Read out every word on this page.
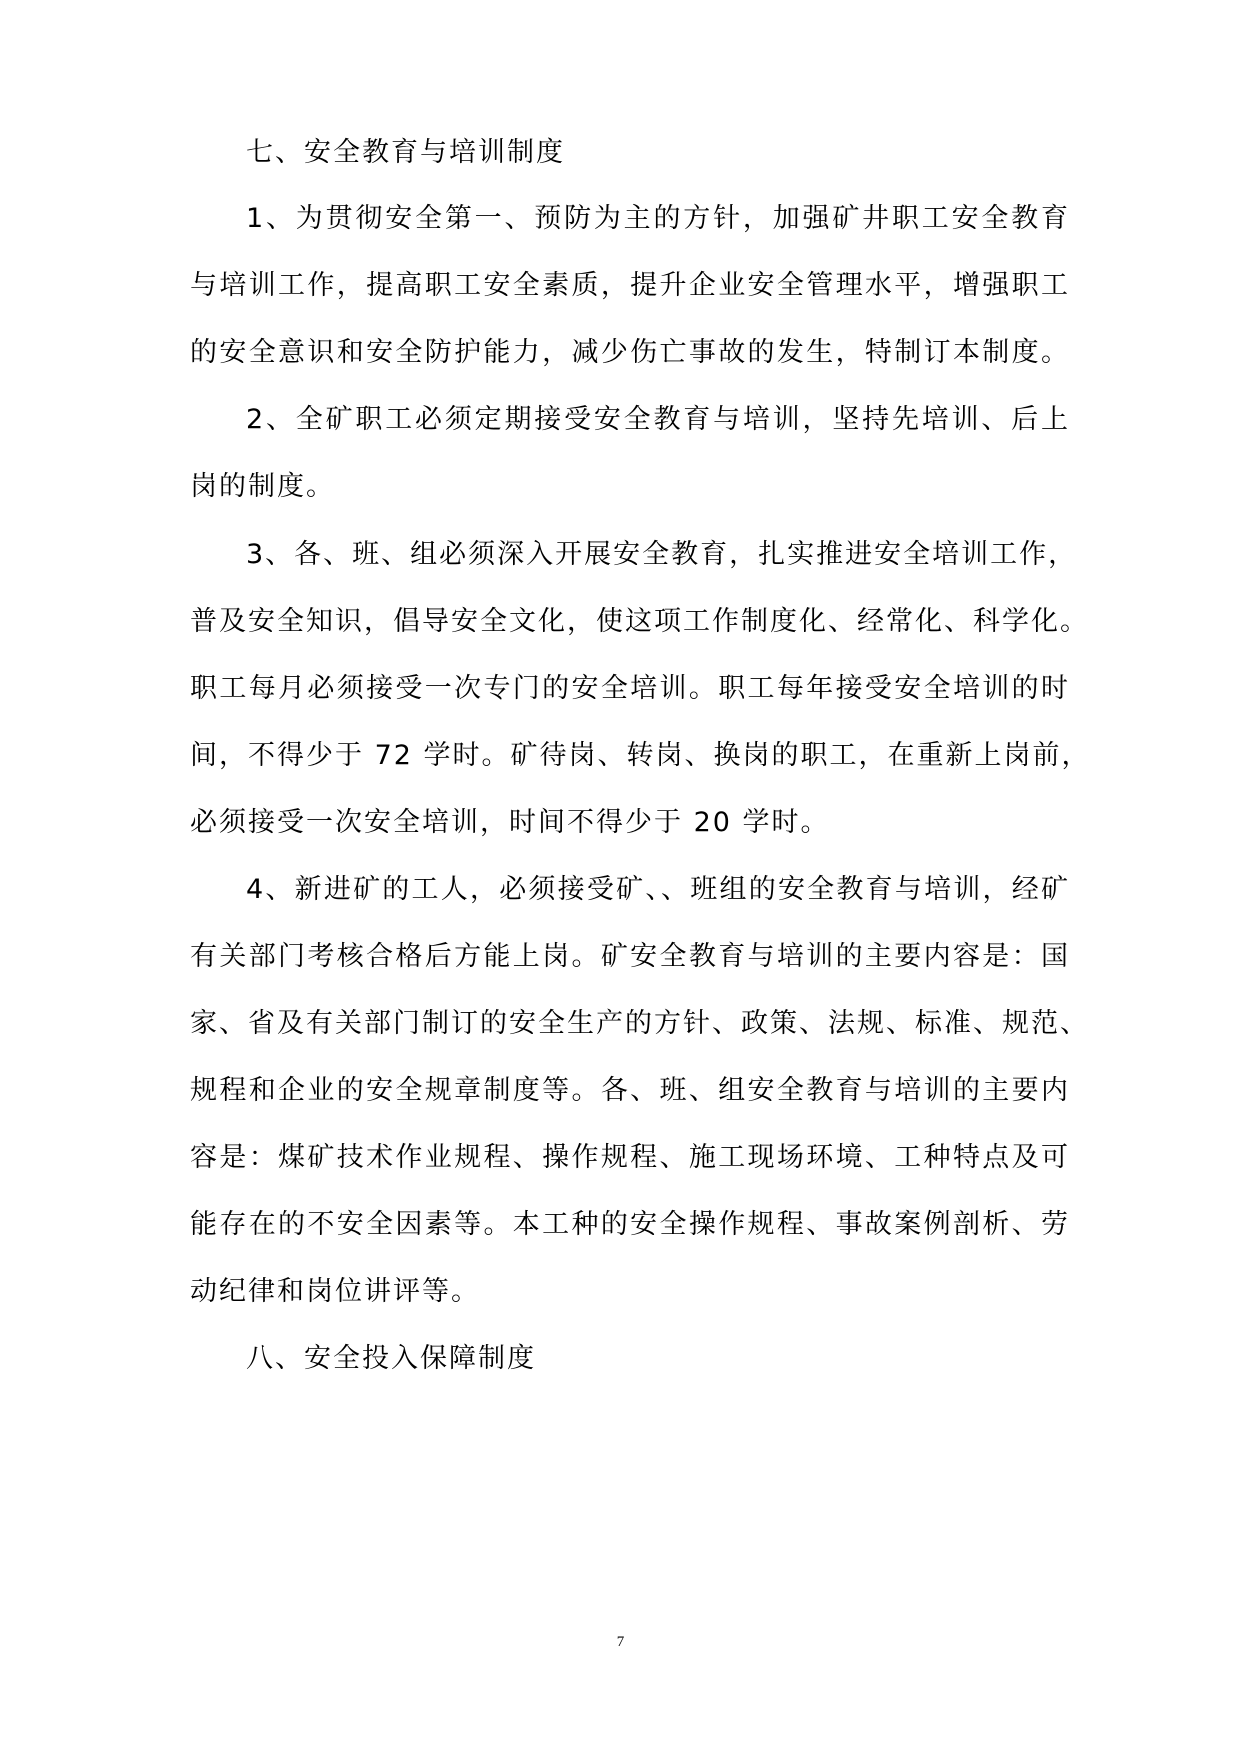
七、安全教育与培训制度
1、为贯彻安全第一、预防为主的方针，加强矿井职工安全教育
与培训工作，提高职工安全素质，提升企业安全管理水平，增强职工
的安全意识和安全防护能力，减少伤亡事故的发生，特制订本制度。
2、全矿职工必须定期接受安全教育与培训，坚持先培训、后上
岗的制度。
3、各、班、组必须深入开展安全教育，扎实推进安全培训工作，
普及安全知识，倡导安全文化，使这项工作制度化、经常化、科学化。
职工每月必须接受一次专门的安全培训。职工每年接受安全培训的时
间，不得少于 72 学时。矿待岗、转岗、换岗的职工，在重新上岗前，
必须接受一次安全培训，时间不得少于 20 学时。
4、新进矿的工人，必须接受矿、、班组的安全教育与培训，经矿
有关部门考核合格后方能上岗。矿安全教育与培训的主要内容是：国
家、省及有关部门制订的安全生产的方针、政策、法规、标准、规范、
规程和企业的安全规章制度等。各、班、组安全教育与培训的主要内
容是：煤矿技术作业规程、操作规程、施工现场环境、工种特点及可
能存在的不安全因素等。本工种的安全操作规程、事故案例剖析、劳
动纪律和岗位讲评等。
八、安全投入保障制度
7
